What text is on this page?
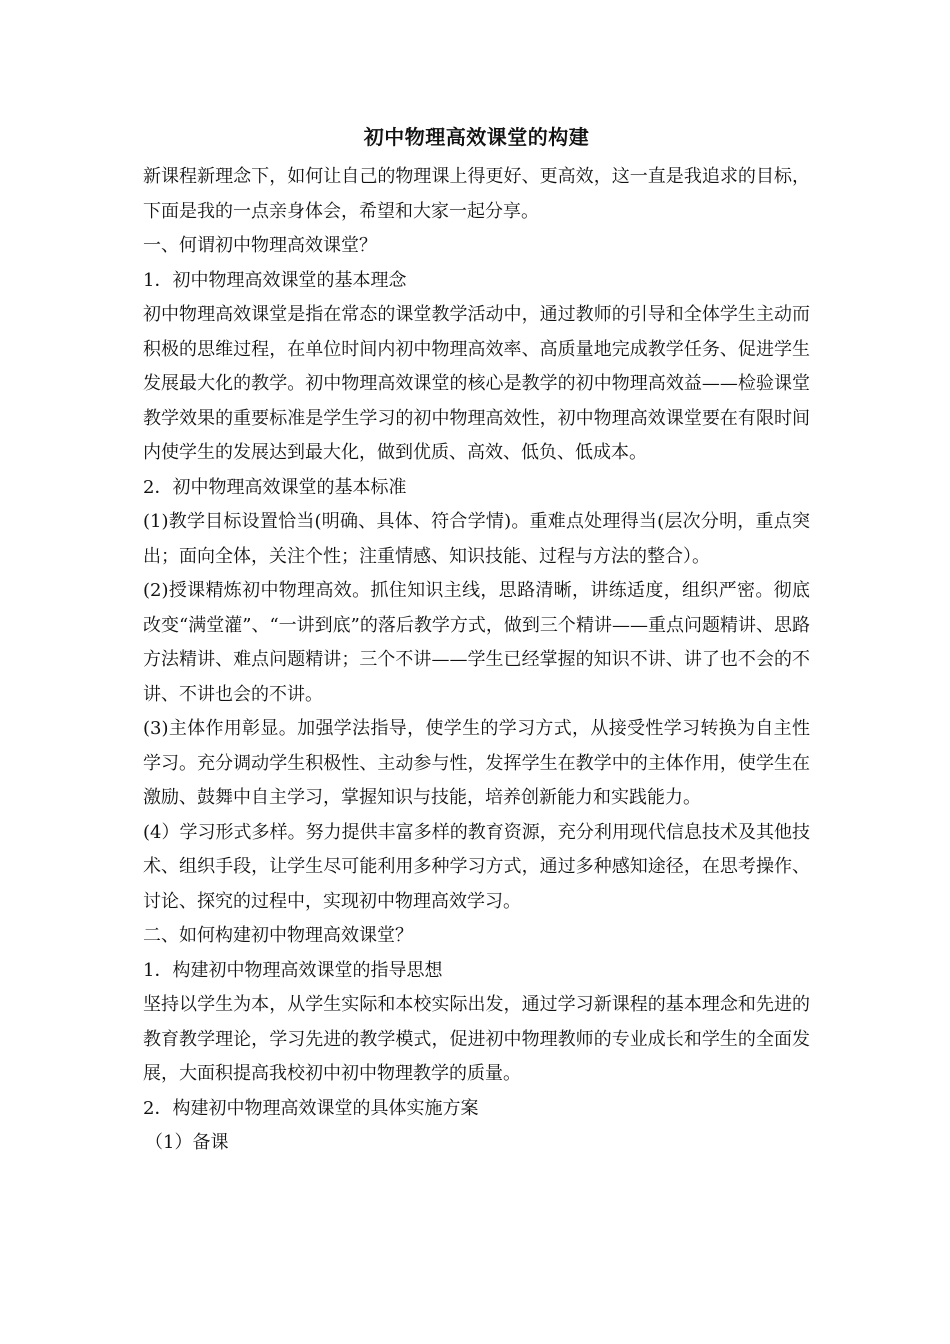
初中物理高效课堂的构建

新课程新理念下，如何让自己的物理课上得更好、更高效，这一直是我追求的目标，下面是我的一点亲身体会，希望和大家一起分享。

一、何谓初中物理高效课堂？

1．初中物理高效课堂的基本理念

初中物理高效课堂是指在常态的课堂教学活动中，通过教师的引导和全体学生主动而积极的思维过程，在单位时间内初中物理高效率、高质量地完成教学任务、促进学生发展最大化的教学。初中物理高效课堂的核心是教学的初中物理高效益——检验课堂教学效果的重要标准是学生学习的初中物理高效性，初中物理高效课堂要在有限时间内使学生的发展达到最大化，做到优质、高效、低负、低成本。

2．初中物理高效课堂的基本标准

(1)教学目标设置恰当(明确、具体、符合学情)。重难点处理得当(层次分明，重点突出；面向全体，关注个性；注重情感、知识技能、过程与方法的整合）。

(2)授课精炼初中物理高效。抓住知识主线，思路清晰，讲练适度，组织严密。彻底改变“满堂灌”、“一讲到底”的落后教学方式，做到三个精讲——重点问题精讲、思路方法精讲、难点问题精讲；三个不讲——学生已经掌握的知识不讲、讲了也不会的不讲、不讲也会的不讲。

(3)主体作用彰显。加强学法指导，使学生的学习方式，从接受性学习转换为自主性学习。充分调动学生积极性、主动参与性，发挥学生在教学中的主体作用，使学生在激励、鼓舞中自主学习，掌握知识与技能，培养创新能力和实践能力。

(4）学习形式多样。努力提供丰富多样的教育资源，充分利用现代信息技术及其他技术、组织手段，让学生尽可能利用多种学习方式，通过多种感知途径，在思考操作、讨论、探究的过程中，实现初中物理高效学习。

二、如何构建初中物理高效课堂？

1．构建初中物理高效课堂的指导思想

坚持以学生为本，从学生实际和本校实际出发，通过学习新课程的基本理念和先进的教育教学理论，学习先进的教学模式，促进初中物理教师的专业成长和学生的全面发展，大面积提高我校初中初中物理教学的质量。

2．构建初中物理高效课堂的具体实施方案

（1）备课
